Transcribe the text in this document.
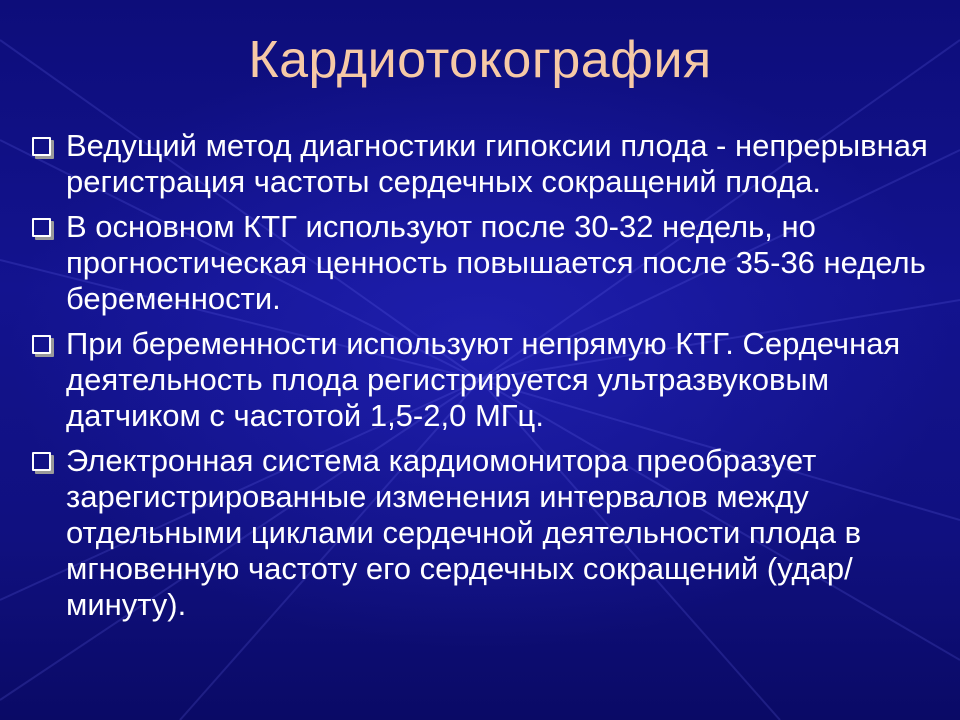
Кардиотокография
Ведущий метод диагностики гипоксии плода - непрерывная регистрация частоты сердечных сокращений плода.
В основном КТГ используют после 30-32 недель, но прогностическая ценность повышается после 35-36 недель беременности.
При беременности используют непрямую КТГ. Сердечная деятельность плода регистрируется ультразвуковым датчиком с частотой 1,5-2,0 МГц.
Электронная система кардиомонитора преобразует зарегистрированные изменения интервалов между отдельными циклами сердечной деятельности плода в мгновенную частоту его сердечных сокращений (удар/минуту).
